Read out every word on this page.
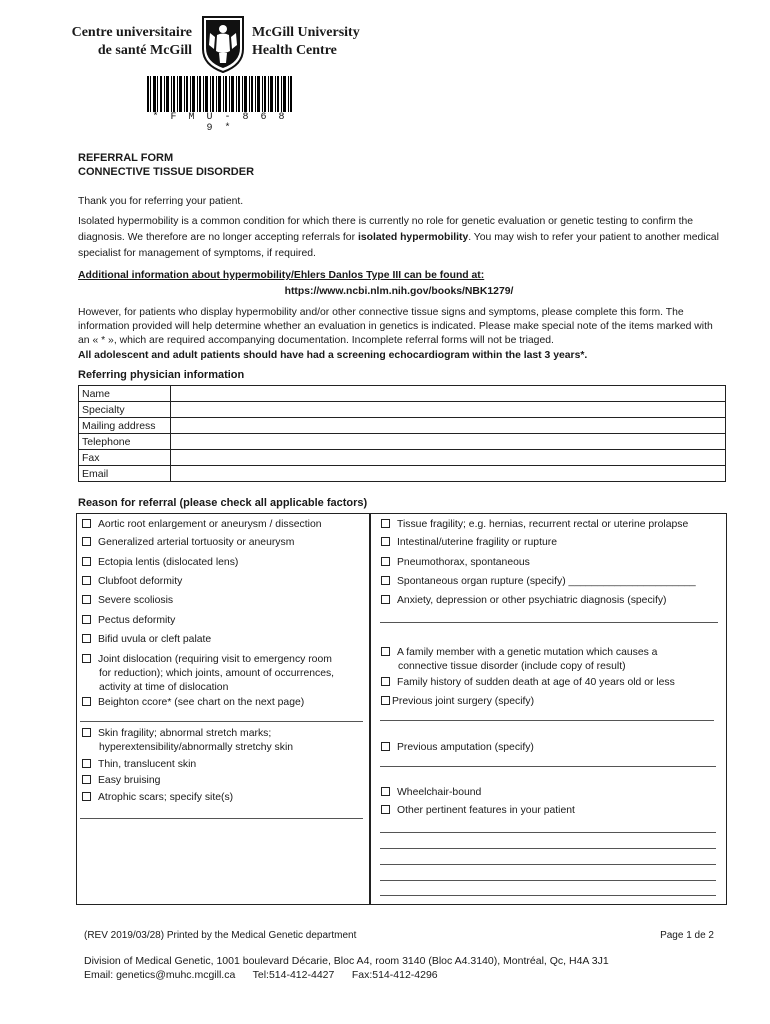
Centre universitaire
de santé McGill
McGill University
Health Centre
* F M U - 8 6 8 9 *
REFERRAL FORM
CONNECTIVE TISSUE DISORDER
Thank you for referring your patient.
Isolated hypermobility is a common condition for which there is currently no role for genetic evaluation or genetic testing to confirm the diagnosis. We therefore are no longer accepting referrals for isolated hypermobility. You may wish to refer your patient to another medical specialist for management of symptoms, if required.
Additional information about hypermobility/Ehlers Danlos Type III can be found at:
https://www.ncbi.nlm.nih.gov/books/NBK1279/
However, for patients who display hypermobility and/or other connective tissue signs and symptoms, please complete this form. The information provided will help determine whether an evaluation in genetics is indicated. Please make special note of the items marked with an « * », which are required accompanying documentation. Incomplete referral forms will not be triaged.
All adolescent and adult patients should have had a screening echocardiogram within the last 3 years*.
Referring physician information
Name	
Specialty	
Mailing address	
Telephone	
Fax	
Email	
Reason for referral (please check all applicable factors)
Aortic root enlargement or aneurysm / dissection
Generalized arterial tortuosity or aneurysm
Ectopia lentis (dislocated lens)
Clubfoot deformity
Severe scoliosis
Pectus deformity
Bifid uvula or cleft palate
Joint dislocation (requiring visit to emergency room
for reduction); which joints, amount of occurrences,
activity at time of dislocation
Beighton ccore* (see chart on the next page)
Skin fragility; abnormal stretch marks;
hyperextensibility/abnormally stretchy skin
Thin, translucent skin
Easy bruising
Atrophic scars; specify site(s)
Tissue fragility; e.g. hernias, recurrent rectal or uterine prolapse
Intestinal/uterine fragility or rupture
Pneumothorax, spontaneous
Spontaneous organ rupture (specify) ______________________
Anxiety, depression or other psychiatric diagnosis (specify)
A family member with a genetic mutation which causes a
connective tissue disorder (include copy of result)
Family history of sudden death at age of 40 years old or less
Previous joint surgery (specify)
Previous amputation (specify)
Wheelchair-bound
Other pertinent features in your patient
(REV 2019/03/28) Printed by the Medical Genetic department	Page 1 de 2
Division of Medical Genetic, 1001 boulevard Décarie, Bloc A4, room 3140 (Bloc A4.3140), Montréal, Qc, H4A 3J1
Email: genetics@muhc.mcgill.ca      Tel:514-412-4427      Fax:514-412-4296
